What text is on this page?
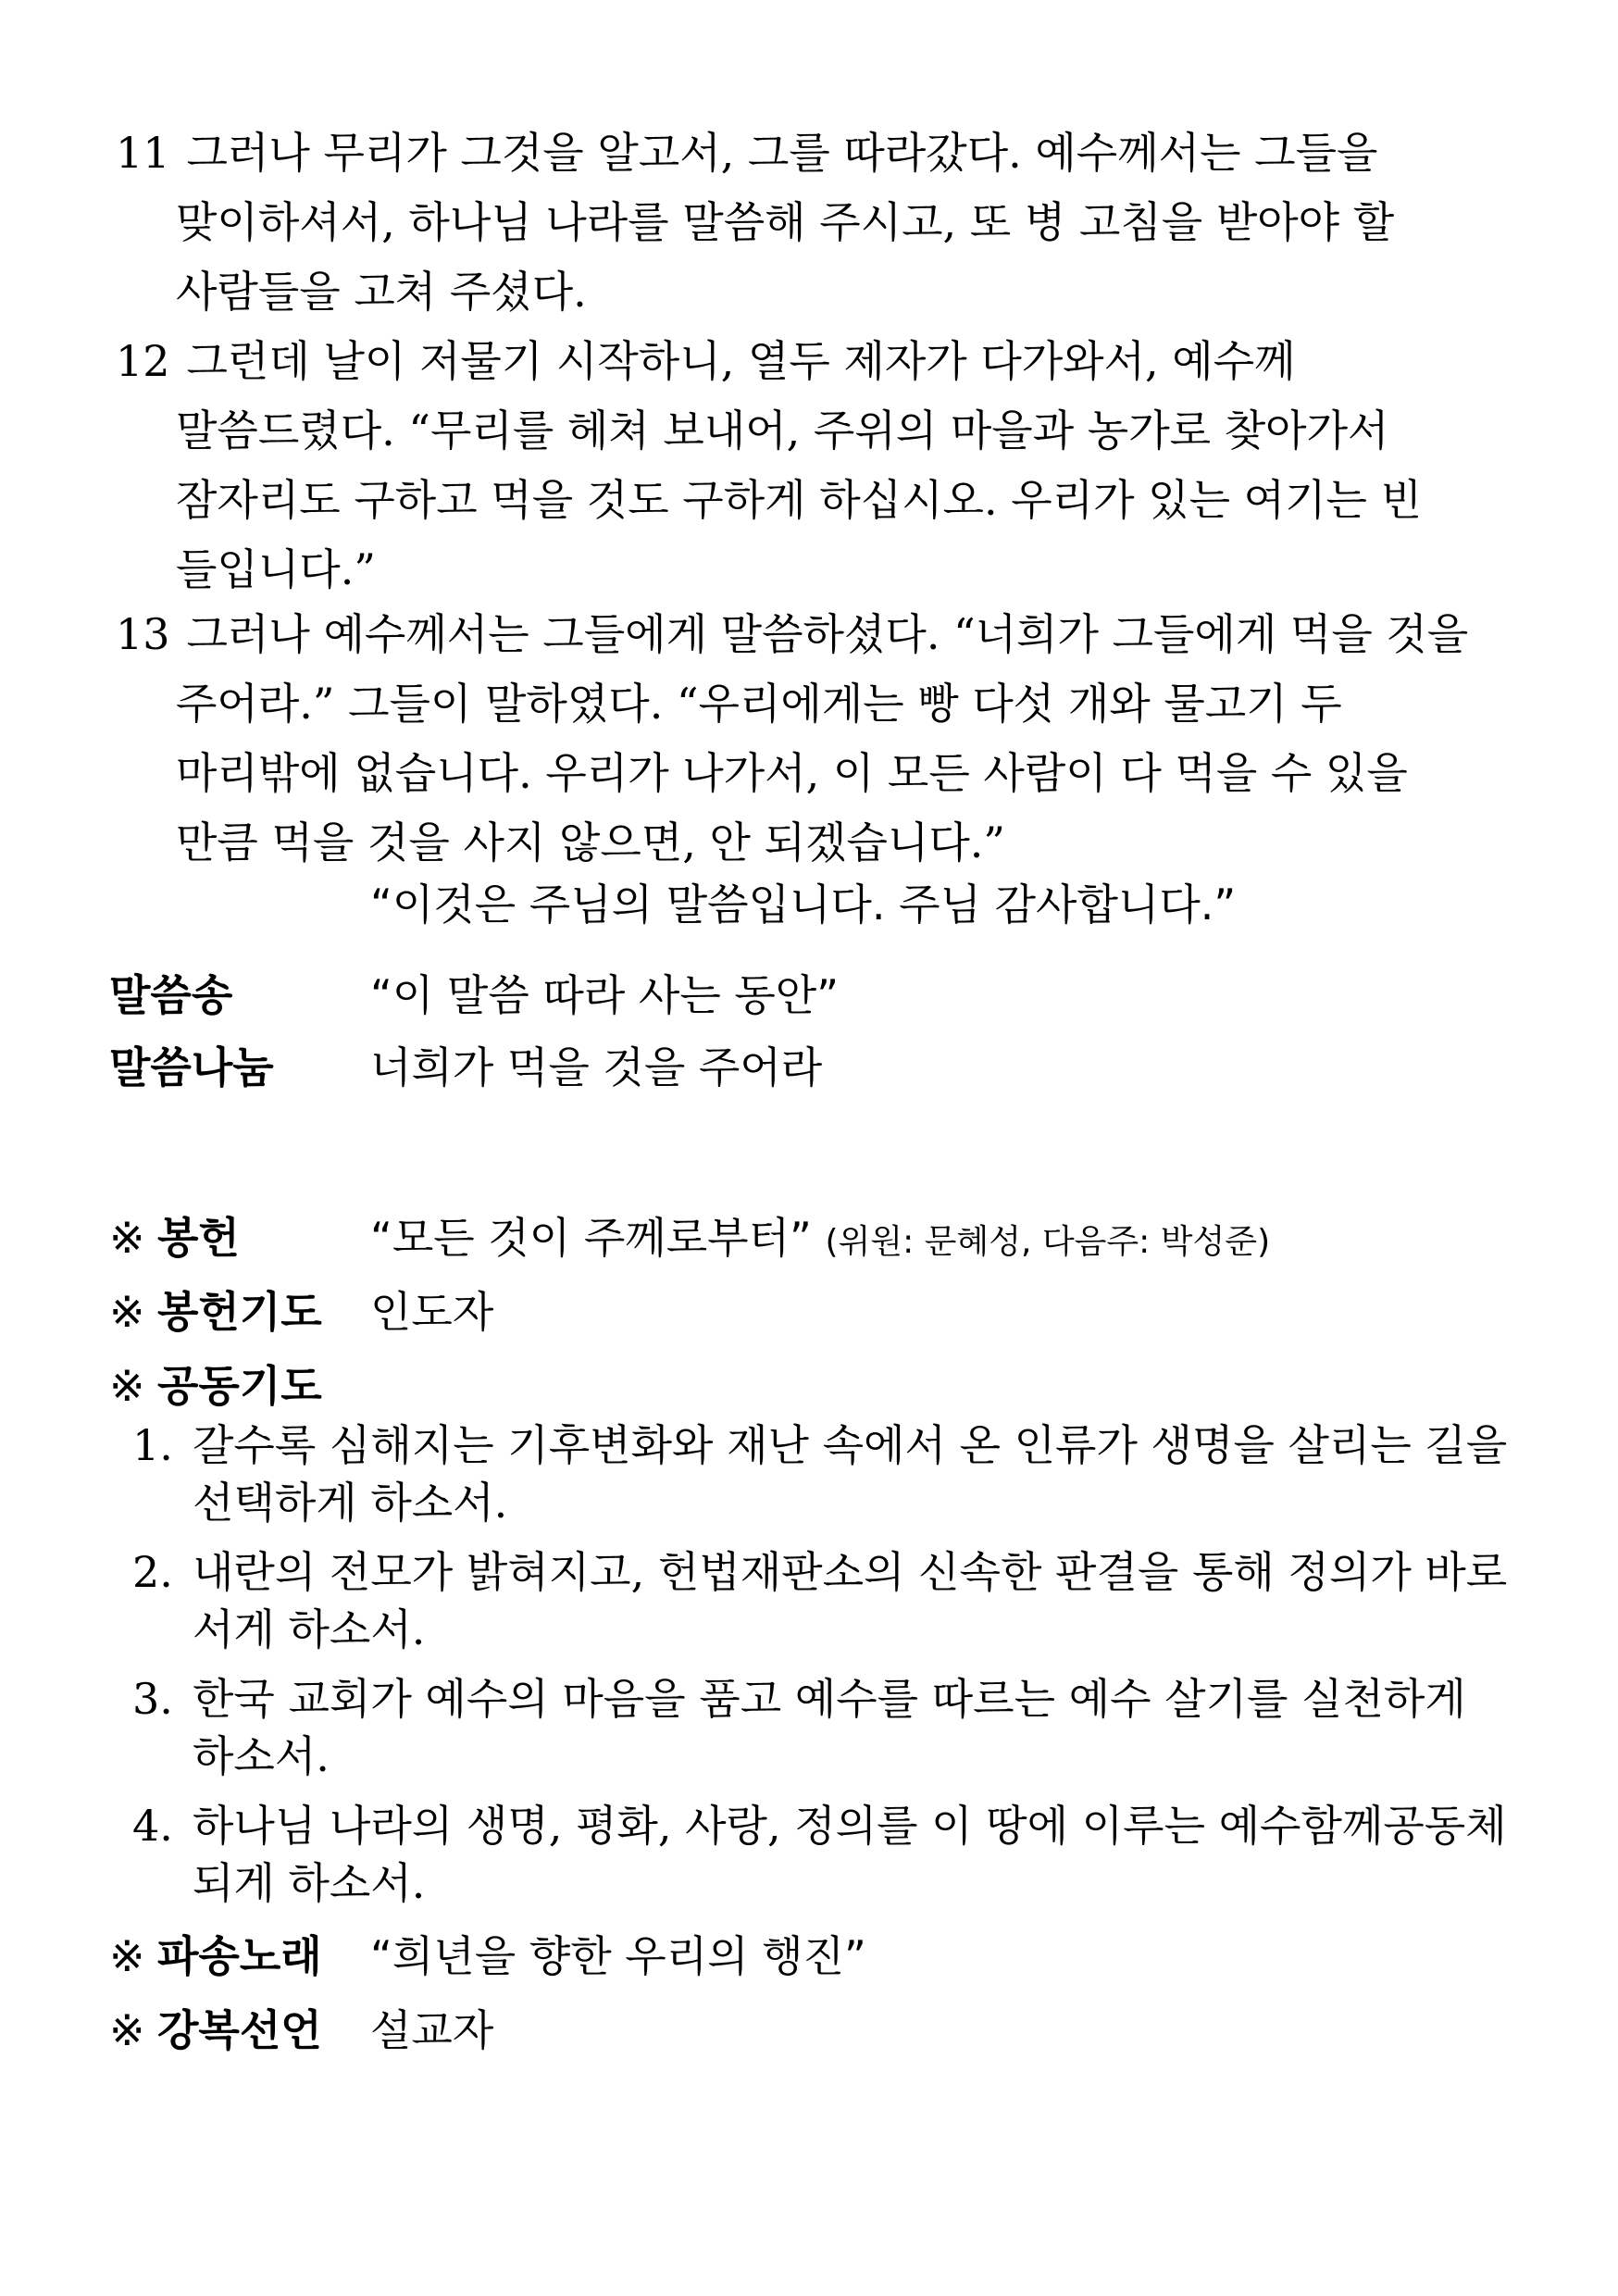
11 그러나 무리가 그것을 알고서, 그를 따라갔다. 예수께서는 그들을
맞이하셔서, 하나님 나라를 말씀해 주시고, 또 병 고침을 받아야 할
사람들을 고쳐 주셨다.
12 그런데 날이 저물기 시작하니, 열두 제자가 다가와서, 예수께
말씀드렸다. “무리를 헤쳐 보내어, 주위의 마을과 농가로 찾아가서
잠자리도 구하고 먹을 것도 구하게 하십시오. 우리가 있는 여기는 빈
들입니다.”
13 그러나 예수께서는 그들에게 말씀하셨다. “너희가 그들에게 먹을 것을
주어라.” 그들이 말하였다. “우리에게는 빵 다섯 개와 물고기 두
마리밖에 없습니다. 우리가 나가서, 이 모든 사람이 다 먹을 수 있을
만큼 먹을 것을 사지 않으면, 안 되겠습니다.”
“이것은 주님의 말씀입니다. 주님 감사합니다.”
말씀송	“이 말씀 따라 사는 동안”
말씀나눔 너희가 먹을 것을 주어라
※ 봉헌	“모든 것이 주께로부터” (위원: 문혜성, 다음주: 박성준)
※ 봉헌기도 인도자
※ 공동기도
1. 갈수록 심해지는 기후변화와 재난 속에서 온 인류가 생명을 살리는 길을
선택하게 하소서.
2. 내란의 전모가 밝혀지고, 헌법재판소의 신속한 판결을 통해 정의가 바로
서게 하소서.
3. 한국 교회가 예수의 마음을 품고 예수를 따르는 예수 살기를 실천하게
하소서.
4. 하나님 나라의 생명, 평화, 사랑, 정의를 이 땅에 이루는 예수함께공동체
되게 하소서.
※ 파송노래 “희년을 향한 우리의 행진”
※ 강복선언 설교자
